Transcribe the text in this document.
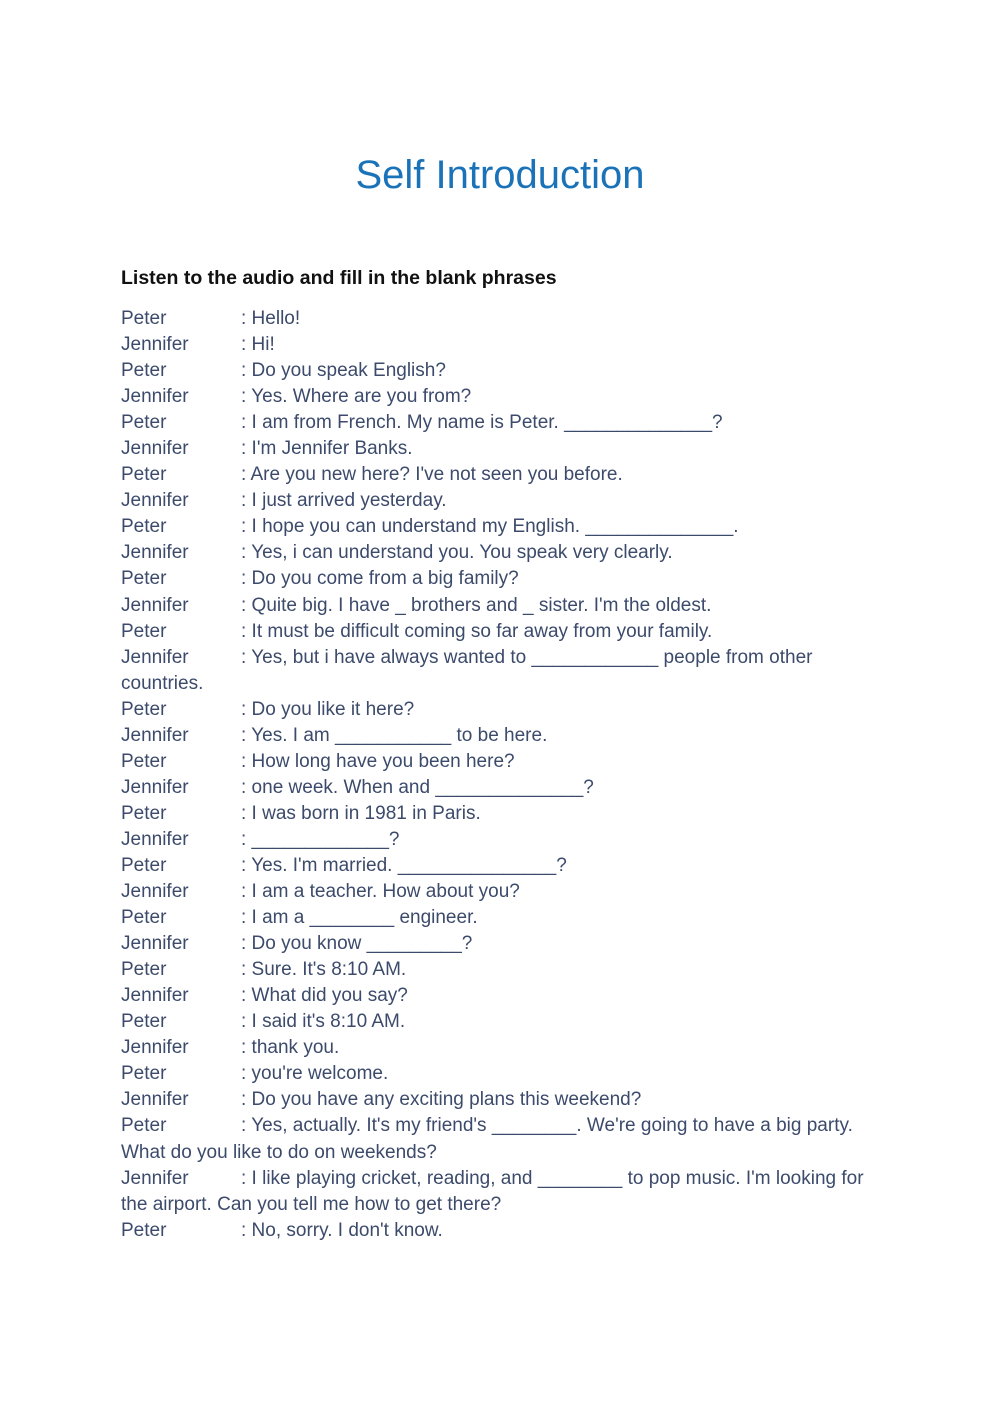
Self Introduction
Listen to the audio and fill in the blank phrases
Peter	: Hello!
Jennifer	: Hi!
Peter	: Do you speak English?
Jennifer	: Yes. Where are you from?
Peter	: I am from French. My name is Peter. ______________?
Jennifer	: I'm Jennifer Banks.
Peter	: Are you new here? I've not seen you before.
Jennifer	: I just arrived yesterday.
Peter	: I hope you can understand my English. ______________.
Jennifer	: Yes, i can understand you. You speak very clearly.
Peter	: Do you come from a big family?
Jennifer	: Quite big. I have _ brothers and _ sister. I'm the oldest.
Peter	: It must be difficult coming so far away from your family.
Jennifer	: Yes, but i have always wanted to ____________ people from other countries.
Peter	: Do you like it here?
Jennifer	: Yes. I am ___________ to be here.
Peter	: How long have you been here?
Jennifer	: one week. When and ______________?
Peter	: I was born in 1981 in Paris.
Jennifer	: _____________?
Peter	: Yes. I'm married. _______________?
Jennifer	: I am a teacher. How about you?
Peter	: I am a ________ engineer.
Jennifer	: Do you know _________?
Peter	: Sure. It's 8:10 AM.
Jennifer	: What did you say?
Peter	: I said it's 8:10 AM.
Jennifer	: thank you.
Peter	: you're welcome.
Jennifer	: Do you have any exciting plans this weekend?
Peter	: Yes, actually. It's my friend's ________. We're going to have a big party. What do you like to do on weekends?
Jennifer	: I like playing cricket, reading, and ________ to pop music. I'm looking for the airport. Can you tell me how to get there?
Peter	: No, sorry. I don't know.
